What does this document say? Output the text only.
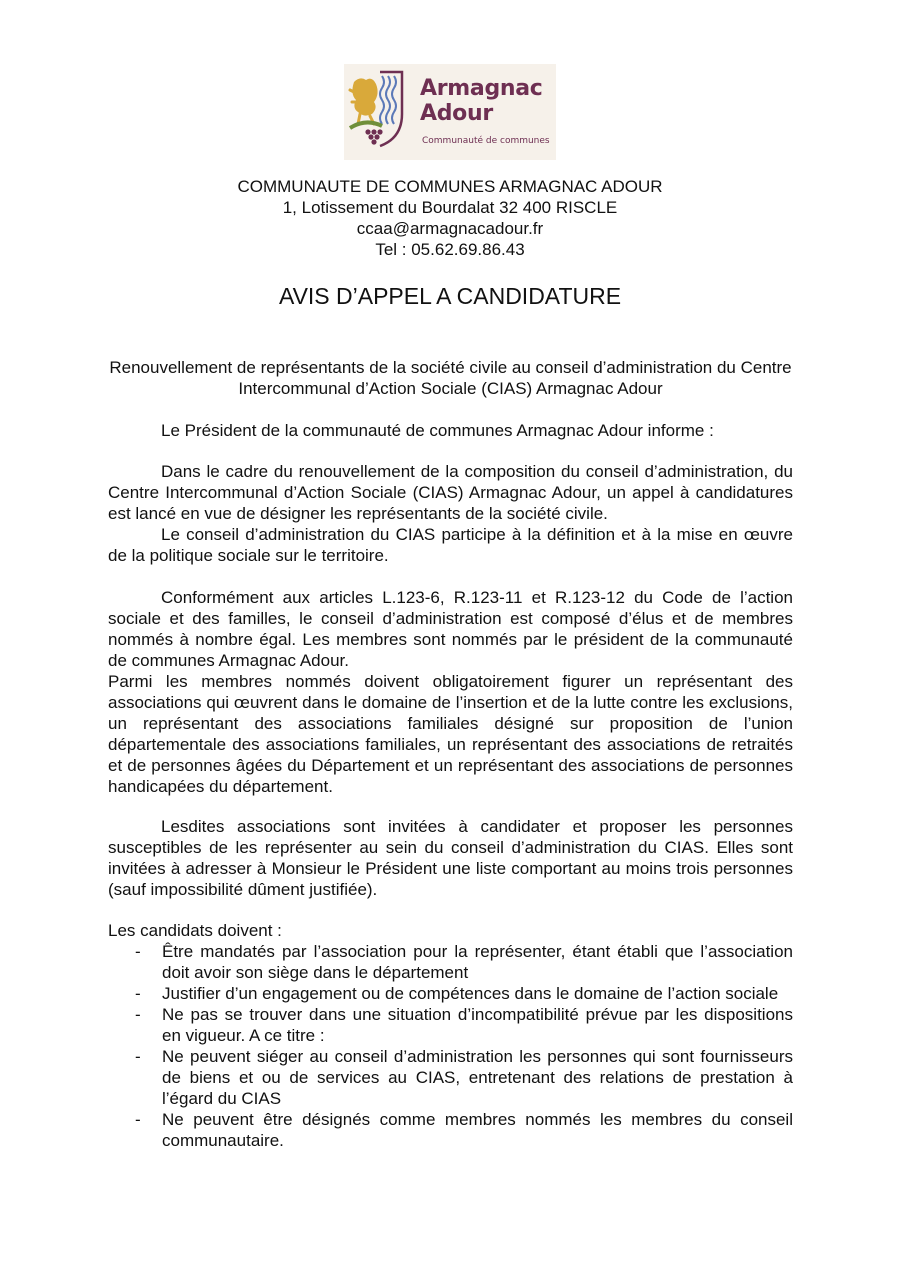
Armagnac
Adour
Communauté de communes
COMMUNAUTE DE COMMUNES ARMAGNAC ADOUR
1, Lotissement du Bourdalat 32 400 RISCLE
ccaa@armagnacadour.fr
Tel : 05.62.69.86.43
AVIS D’APPEL A CANDIDATURE
Renouvellement de représentants de la société civile au conseil d’administration du Centre Intercommunal d’Action Sociale (CIAS) Armagnac Adour

Le Président de la communauté de communes Armagnac Adour informe :

Dans le cadre du renouvellement de la composition du conseil d’administration, du Centre Intercommunal d’Action Sociale (CIAS) Armagnac Adour, un appel à candidatures est lancé en vue de désigner les représentants de la société civile.

Le conseil d’administration du CIAS participe à la définition et à la mise en œuvre de la politique sociale sur le territoire.

Conformément aux articles L.123-6, R.123-11 et R.123-12 du Code de l’action sociale et des familles, le conseil d’administration est composé d’élus et de membres nommés à nombre égal. Les membres sont nommés par le président de la communauté de communes Armagnac Adour.

Parmi les membres nommés doivent obligatoirement figurer un représentant des associations qui œuvrent dans le domaine de l’insertion et de la lutte contre les exclusions, un représentant des associations familiales désigné sur proposition de l’union départementale des associations familiales, un représentant des associations de retraités et de personnes âgées du Département et un représentant des associations de personnes handicapées du département.

Lesdites associations sont invitées à candidater et proposer les personnes susceptibles de les représenter au sein du conseil d’administration du CIAS. Elles sont invitées à adresser à Monsieur le Président une liste comportant au moins trois personnes (sauf impossibilité dûment justifiée).

Les candidats doivent :

- Être mandatés par l’association pour la représenter, étant établi que l’association doit avoir son siège dans le département
- Justifier d’un engagement ou de compétences dans le domaine de l’action sociale
- Ne pas se trouver dans une situation d’incompatibilité prévue par les dispositions en vigueur. A ce titre :
- Ne peuvent siéger au conseil d’administration les personnes qui sont fournisseurs de biens et ou de services au CIAS, entretenant des relations de prestation à l’égard du CIAS
- Ne peuvent être désignés comme membres nommés les membres du conseil communautaire.
